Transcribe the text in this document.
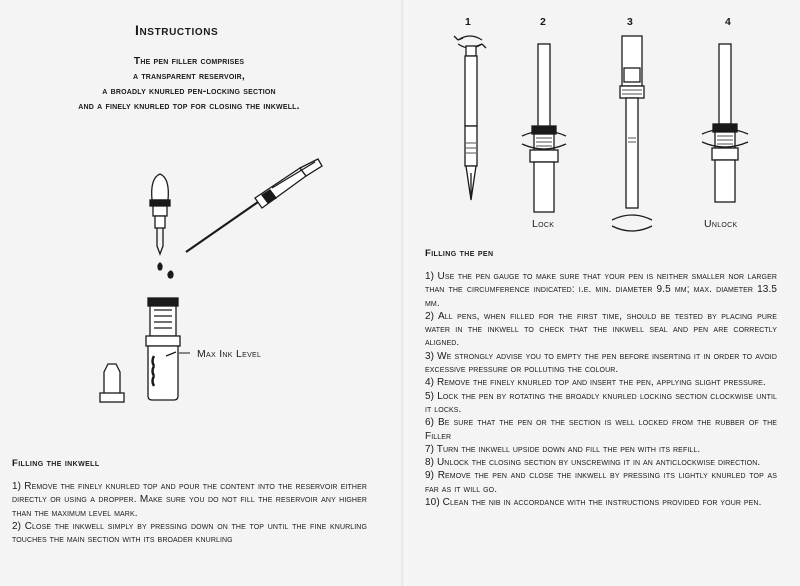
Instructions
The pen filler comprises
a transparent reservoir,
a broadly knurled pen-locking section
and a finely knurled top for closing the inkwell.
Max Ink Level
Filling the inkwell

1) Remove the finely knurled top and pour the content into the reservoir either directly or using a dropper. Make sure you do not fill the reservoir any higher than the maximum level mark.

2) Close the inkwell simply by pressing down on the top until the fine knurling touches the main section with its broader knurling

1	2	3	4
Lock	Unlock
Filling the pen

1) Use the pen gauge to make sure that your pen is neither smaller nor larger than the circumference indicated: i.e. min. diameter 9.5 mm; max. diameter 13.5 mm.

2) All pens, when filled for the first time, should be tested by placing pure water in the inkwell to check that the inkwell seal and pen are correctly aligned.

3) We strongly advise you to empty the pen before inserting it in order to avoid excessive pressure or polluting the colour.

4) Remove the finely knurled top and insert the pen, applying slight pressure.

5) Lock the pen by rotating the broadly knurled locking section clockwise until it locks.

6) Be sure that the pen or the section is well locked from the rubber of the Filler

7) Turn the inkwell upside down and fill the pen with its refill.

8) Unlock the closing section by unscrewing it in an anticlockwise direction.

9) Remove the pen and close the inkwell by pressing its lightly knurled top as far as it will go.

10) Clean the nib in accordance with the instructions provided for your pen.
